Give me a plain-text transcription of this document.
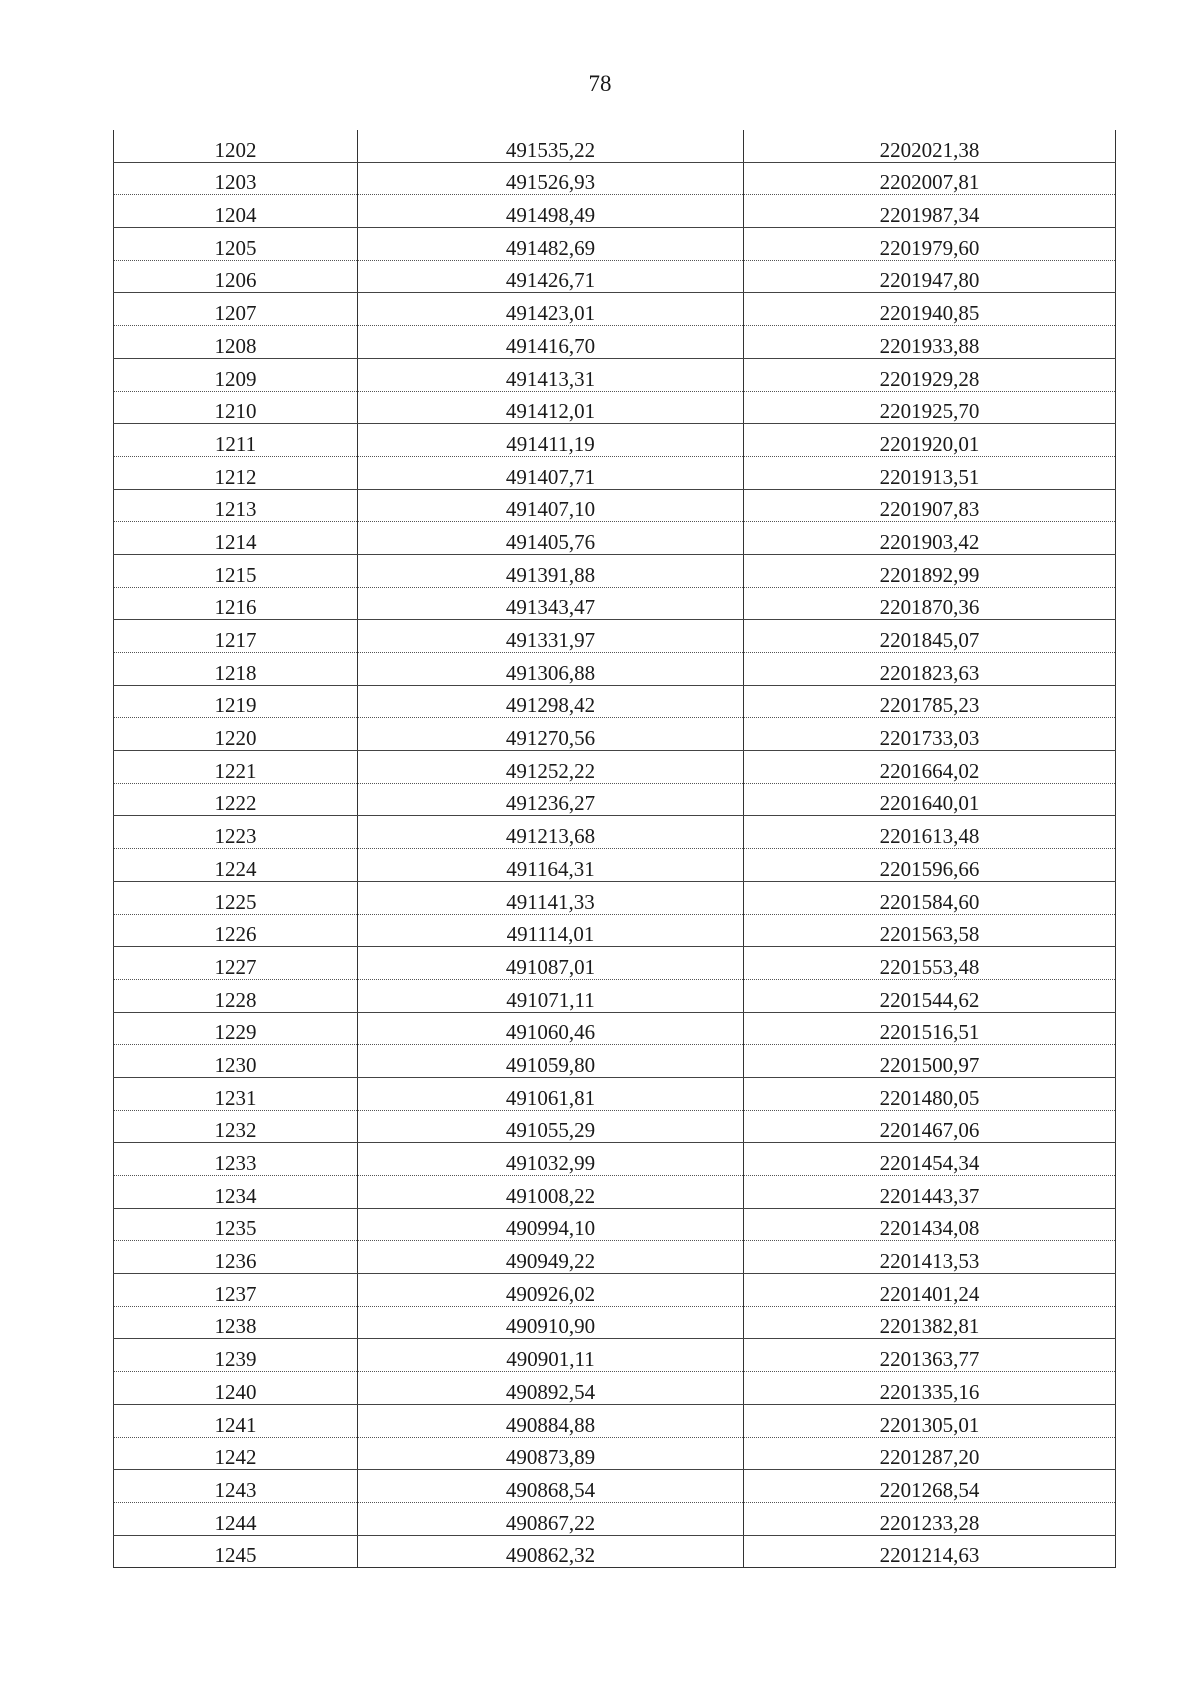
78
1202	491535,22	2202021,38
1203	491526,93	2202007,81
1204	491498,49	2201987,34
1205	491482,69	2201979,60
1206	491426,71	2201947,80
1207	491423,01	2201940,85
1208	491416,70	2201933,88
1209	491413,31	2201929,28
1210	491412,01	2201925,70
1211	491411,19	2201920,01
1212	491407,71	2201913,51
1213	491407,10	2201907,83
1214	491405,76	2201903,42
1215	491391,88	2201892,99
1216	491343,47	2201870,36
1217	491331,97	2201845,07
1218	491306,88	2201823,63
1219	491298,42	2201785,23
1220	491270,56	2201733,03
1221	491252,22	2201664,02
1222	491236,27	2201640,01
1223	491213,68	2201613,48
1224	491164,31	2201596,66
1225	491141,33	2201584,60
1226	491114,01	2201563,58
1227	491087,01	2201553,48
1228	491071,11	2201544,62
1229	491060,46	2201516,51
1230	491059,80	2201500,97
1231	491061,81	2201480,05
1232	491055,29	2201467,06
1233	491032,99	2201454,34
1234	491008,22	2201443,37
1235	490994,10	2201434,08
1236	490949,22	2201413,53
1237	490926,02	2201401,24
1238	490910,90	2201382,81
1239	490901,11	2201363,77
1240	490892,54	2201335,16
1241	490884,88	2201305,01
1242	490873,89	2201287,20
1243	490868,54	2201268,54
1244	490867,22	2201233,28
1245	490862,32	2201214,63
